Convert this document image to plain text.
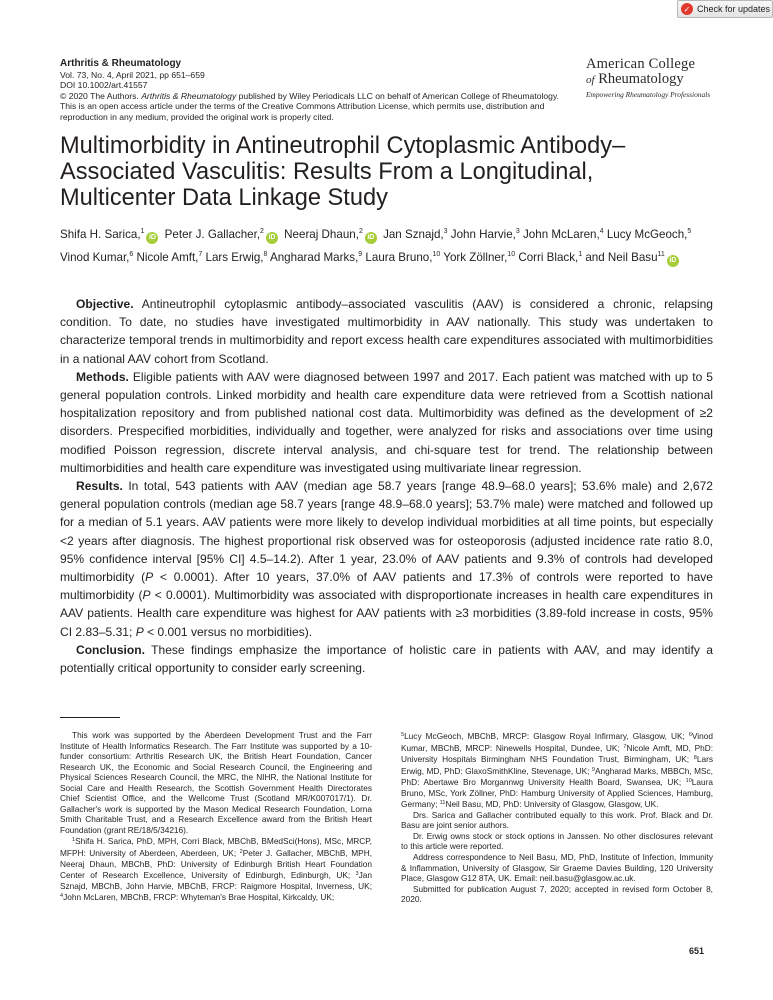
✓ Check for updates
Arthritis & Rheumatology
Vol. 73, No. 4, April 2021, pp 651–659
DOI 10.1002/art.41557
© 2020 The Authors. Arthritis & Rheumatology published by Wiley Periodicals LLC on behalf of American College of Rheumatology.
This is an open access article under the terms of the Creative Commons Attribution License, which permits use, distribution and
reproduction in any medium, provided the original work is properly cited.
American College
of Rheumatology
Empowering Rheumatology Professionals
Multimorbidity in Antineutrophil Cytoplasmic Antibody–Associated Vasculitis: Results From a Longitudinal, Multicenter Data Linkage Study
Shifa H. Sarica,$^1$iD Peter J. Gallacher,$^2$iD Neeraj Dhaun,$^2$iD Jan Sznajd,$^3$ John Harvie,$^3$ John McLaren,$^4$ Lucy McGeoch,$^5$ Vinod Kumar,$^6$ Nicole Amft,$^7$ Lars Erwig,$^8$ Angharad Marks,$^9$ Laura Bruno,$^{10}$ York Zöllner,$^{10}$ Corri Black,$^1$ and Neil Basu$^{11}$iD

Objective. Antineutrophil cytoplasmic antibody–associated vasculitis (AAV) is considered a chronic, relapsing condition. To date, no studies have investigated multimorbidity in AAV nationally. This study was undertaken to characterize temporal trends in multimorbidity and report excess health care expenditures associated with multimorbidities in a national AAV cohort from Scotland.

Methods. Eligible patients with AAV were diagnosed between 1997 and 2017. Each patient was matched with up to 5 general population controls. Linked morbidity and health care expenditure data were retrieved from a Scottish national hospitalization repository and from published national cost data. Multimorbidity was defined as the development of ≥2 disorders. Prespecified morbidities, individually and together, were analyzed for risks and associations over time using modified Poisson regression, discrete interval analysis, and chi-square test for trend. The relationship between multimorbidities and health care expenditure was investigated using multivariate linear regression.

Results. In total, 543 patients with AAV (median age 58.7 years [range 48.9–68.0 years]; 53.6% male) and 2,672 general population controls (median age 58.7 years [range 48.9–68.0 years]; 53.7% male) were matched and followed up for a median of 5.1 years. AAV patients were more likely to develop individual morbidities at all time points, but especially <2 years after diagnosis. The highest proportional risk observed was for osteoporosis (adjusted incidence rate ratio 8.0, 95% confidence interval [95% CI] 4.5–14.2). After 1 year, 23.0% of AAV patients and 9.3% of controls had developed multimorbidity (P < 0.0001). After 10 years, 37.0% of AAV patients and 17.3% of controls were reported to have multimorbidity (P < 0.0001). Multimorbidity was associated with disproportionate increases in health care expenditures in AAV patients. Health care expenditure was highest for AAV patients with ≥3 morbidities (3.89-fold increase in costs, 95% CI 2.83–5.31; P < 0.001 versus no morbidities).

Conclusion. These findings emphasize the importance of holistic care in patients with AAV, and may identify a potentially critical opportunity to consider early screening.

This work was supported by the Aberdeen Development Trust and the Farr Institute of Health Informatics Research. The Farr Institute was supported by a 10-funder consortium: Arthritis Research UK, the British Heart Foundation, Cancer Research UK, the Economic and Social Research Council, the Engineering and Physical Sciences Research Council, the MRC, the NIHR, the National Institute for Social Care and Health Research, the Scottish Government Health Directorates Chief Scientist Office, and the Wellcome Trust (Scotland MR/K007017/1). Dr. Gallacher's work is supported by the Mason Medical Research Foundation, Lorna Smith Charitable Trust, and a Research Excellence award from the British Heart Foundation (grant RE/18/5/34216).

$^1$Shifa H. Sarica, PhD, MPH, Corri Black, MBChB, BMedSci(Hons), MSc, MRCP, MFPH: University of Aberdeen, Aberdeen, UK; $^2$Peter J. Gallacher, MBChB, MPH, Neeraj Dhaun, MBChB, PhD: University of Edinburgh British Heart Foundation Center of Research Excellence, University of Edinburgh, Edinburgh, UK; $^3$Jan Sznajd, MBChB, John Harvie, MBChB, FRCP: Raigmore Hospital, Inverness, UK; $^4$John McLaren, MBChB, FRCP: Whyteman's Brae Hospital, Kirkcaldy, UK;

$^5$Lucy McGeoch, MBChB, MRCP: Glasgow Royal Infirmary, Glasgow, UK; $^6$Vinod Kumar, MBChB, MRCP: Ninewells Hospital, Dundee, UK; $^7$Nicole Amft, MD, PhD: University Hospitals Birmingham NHS Foundation Trust, Birmingham, UK; $^8$Lars Erwig, MD, PhD: GlaxoSmithKline, Stevenage, UK; $^9$Angharad Marks, MBBCh, MSc, PhD: Abertawe Bro Morgannwg University Health Board, Swansea, UK; $^{10}$Laura Bruno, MSc, York Zöllner, PhD: Hamburg University of Applied Sciences, Hamburg, Germany; $^{11}$Neil Basu, MD, PhD: University of Glasgow, Glasgow, UK.

Drs. Sarica and Gallacher contributed equally to this work. Prof. Black and Dr. Basu are joint senior authors.

Dr. Erwig owns stock or stock options in Janssen. No other disclosures relevant to this article were reported.

Address correspondence to Neil Basu, MD, PhD, Institute of Infection, Immunity & Inflammation, University of Glasgow, Sir Graeme Davies Building, 120 University Place, Glasgow G12 8TA, UK. Email: neil.basu@glasgow.ac.uk.

Submitted for publication August 7, 2020; accepted in revised form October 8, 2020.

651
